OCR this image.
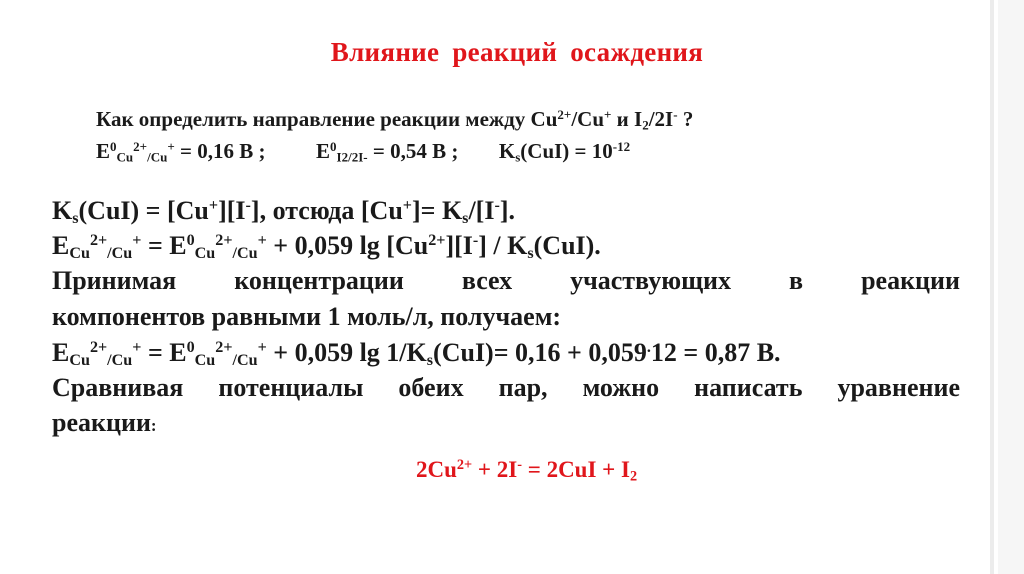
Влияние реакций осаждения
Как определить направление реакции между $Cu^{2+}/Cu^+$ и $I_2/2I^-$ ?
$E^0_{Cu}^{2+}_{/Cu}^+ = 0,16$ В ; $E^0_{I2/2I-} = 0,54$ В ; $K_s(CuI) = 10^{-12}$
$K_s(CuI) = [Cu^+][I^-]$, отсюда $[Cu^+]= K_s/[I^-]$.
$E_{Cu}^{2+}_{/Cu}^+ = E^0_{Cu}^{2+}_{/Cu}^+ + 0,059$ $\lg [Cu^{2+}][I^-] / K_s(CuI)$.
Принимая концентрации всех участвующих в реакции
компонентов равными 1 моль/л, получаем:
$E_{Cu}^{2+}_{/Cu}^+ = E^0_{Cu}^{2+}_{/Cu}^+ + 0,059$ $\lg 1/K_s(CuI)= 0,16 + 0,059^.12 = 0,87$ В.
Сравнивая потенциалы обеих пар, можно написать уравнение
реакции:
$2Cu^{2+} + 2I^- = 2CuI + I_2$
